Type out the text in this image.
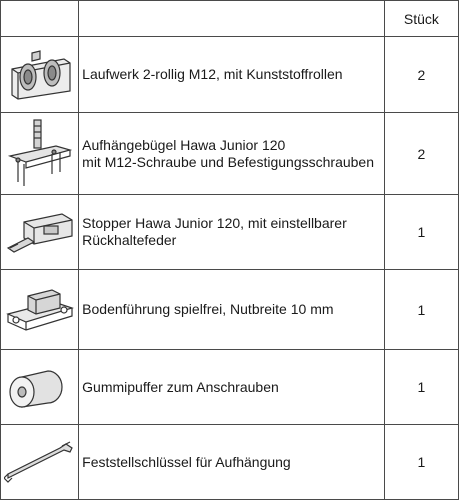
		Stück

Laufwerk 2-rollig M12, mit Kunststoffrollen	2

Aufhängebügel Hawa Junior 120
mit M12-Schraube und Befestigungsschrauben	2

Stopper Hawa Junior 120, mit einstellbarer
Rückhaltefeder	1

Bodenführung spielfrei, Nutbreite 10 mm	1

Gummipuffer zum Anschrauben	1

Feststellschlüssel für Aufhängung	1
